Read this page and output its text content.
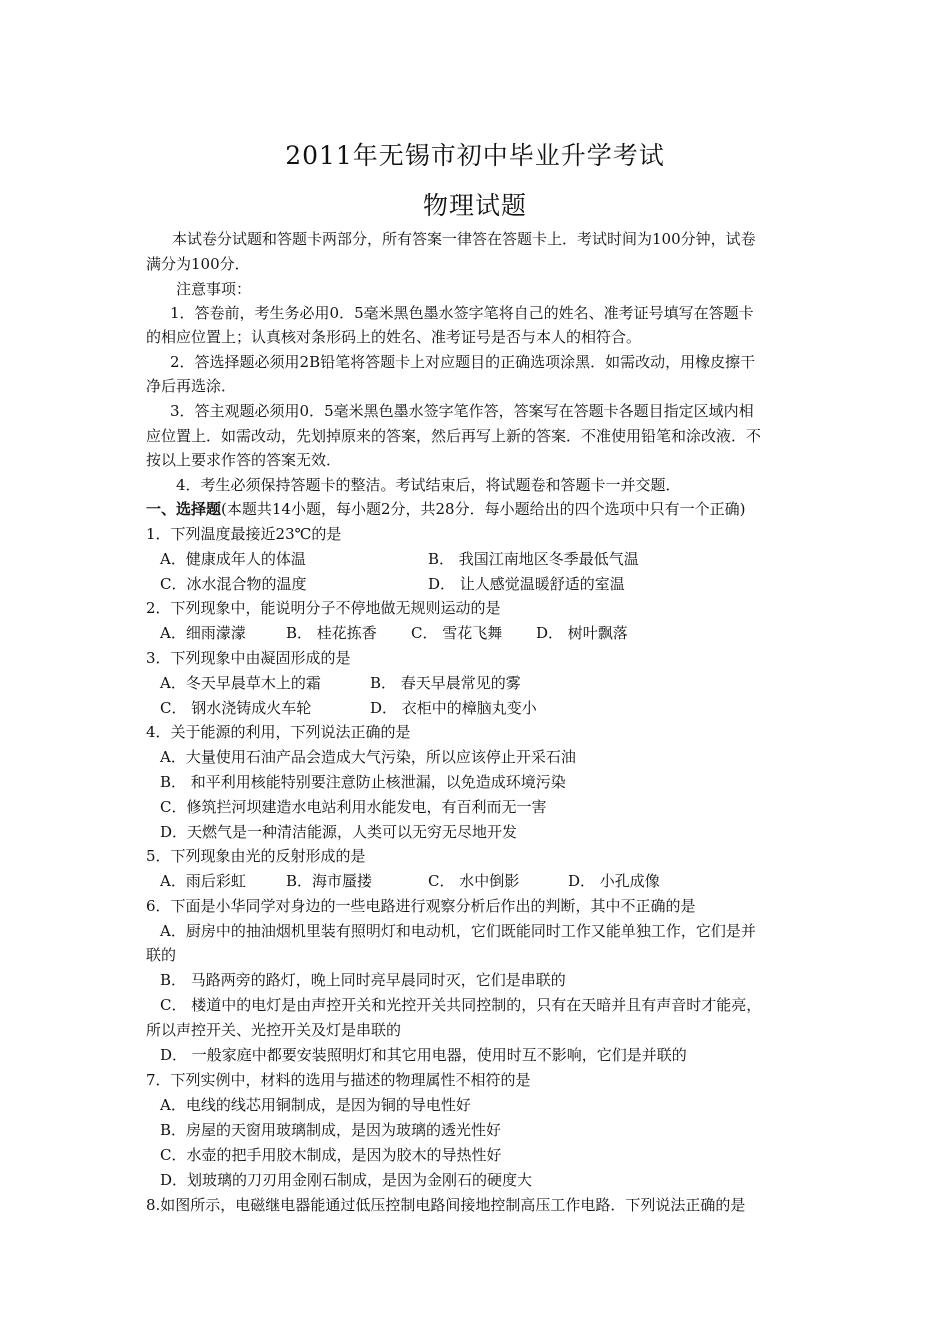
2011年无锡市初中毕业升学考试
物理试题
本试卷分试题和答题卡两部分，所有答案一律答在答题卡上．考试时间为100分钟，试卷
满分为100分．
注意事项：
1．答卷前，考生务必用0．5毫米黑色墨水签字笔将自己的姓名、准考证号填写在答题卡
的相应位置上；认真核对条形码上的姓名、准考证号是否与本人的相符合。
2．答选择题必须用2B铅笔将答题卡上对应题目的正确选项涂黑．如需改动，用橡皮擦干
净后再选涂．
3．答主观题必须用0．5毫米黑色墨水签字笔作答，答案写在答题卡各题目指定区域内相
应位置上．如需改动，先划掉原来的答案，然后再写上新的答案．不准使用铅笔和涂改液．不
按以上要求作答的答案无效．
4．考生必须保持答题卡的整洁。考试结束后，将试题卷和答题卡一并交题．
一、选择题(本题共14小题，每小题2分，共28分．每小题给出的四个选项中只有一个正确)
1．下列温度最接近23℃的是
A．健康成年人的体温	B． 我国江南地区冬季最低气温
C．冰水混合物的温度	D． 让人感觉温暖舒适的室温
2．下列现象中，能说明分子不停地做无规则运动的是
A．细雨濛濛	B． 桂花拣香 C． 雪花飞舞 D． 树叶飘落
3．下列现象中由凝固形成的是
A．冬天早晨草木上的霜	B． 春天早晨常见的雾
C． 钢水浇铸成火车轮	D． 衣柜中的樟脑丸变小
4．关于能源的利用，下列说法正确的是
A．大量使用石油产品会造成大气污染，所以应该停止开采石油
B． 和平利用核能特别要注意防止核泄漏，以免造成环境污染
C．修筑拦河坝建造水电站利用水能发电，有百利而无一害
D．天燃气是一种清洁能源，人类可以无穷无尽地开发
5．下列现象由光的反射形成的是
A．雨后彩虹	B．海市蜃搂	C． 水中倒影	D． 小孔成像
6．下面是小华同学对身边的一些电路进行观察分析后作出的判断，其中不正确的是
A．厨房中的抽油烟机里装有照明灯和电动机，它们既能同时工作又能单独工作，它们是并
联的
B． 马路两旁的路灯，晚上同时亮早晨同时灭，它们是串联的
C． 楼道中的电灯是由声控开关和光控开关共同控制的，只有在天暗并且有声音时才能亮，
所以声控开关、光控开关及灯是串联的
D． 一般家庭中都要安装照明灯和其它用电器，使用时互不影响，它们是并联的
7．下列实例中，材料的选用与描述的物理属性不相符的是
A．电线的线芯用铜制成，是因为铜的导电性好
B．房屋的天窗用玻璃制成，是因为玻璃的透光性好
C．水壶的把手用胶木制成，是因为胶木的导热性好
D．划玻璃的刀刃用金刚石制成，是因为金刚石的硬度大
8.如图所示，电磁继电器能通过低压控制电路间接地控制高压工作电路．下列说法正确的是
